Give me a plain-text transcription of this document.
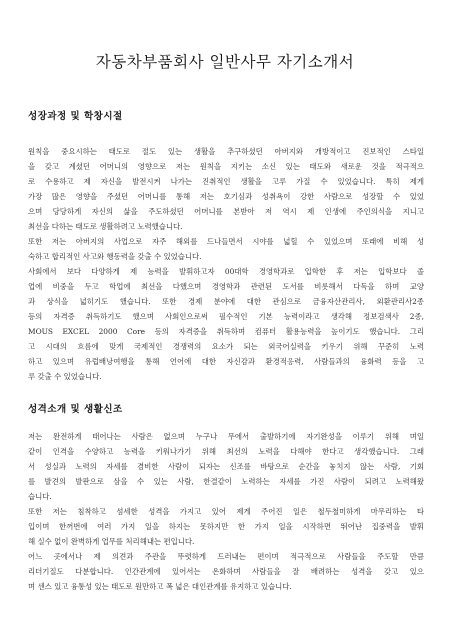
자동차부품회사 일반사무 자기소개서
성장과정 및 학창시절
원칙을 중요시하는 태도로 절도 있는 생활을 추구하셨던 아버지와 개방적이고 진보적인 스타일
을 갖고 계셨던 어머니의 영향으로 저는 원칙을 지키는 소신 있는 태도와 새로운 것을 적극적으
로 수용하고 제 자신을 발전시켜 나가는 진취적인 생활을 고루 가질 수 있었습니다. 특히 제게
가장 많은 영향을 주셨던 어머니를 통해 저는 호기심과 성취욕이 강한 사람으로 성장할 수 있었
으며 당당하게 자신의 삶을 주도하셨던 어머니를 본받아 저 역시 제 인생에 주인의식을 지니고
최선을 다하는 태도로 생활하려고 노력했습니다.
또한 저는 아버지의 사업으로 자주 해외를 드나들면서 시야를 넓힐 수 있었으며 또래에 비해 성
숙하고 합리적인 사고와 행동력을 갖출 수 있었습니다.
사회에서 보다 다양하게 제 능력을 발휘하고자 00대학 경영학과로 입학한 후 저는 입학보다 졸
업에 비중을 두고 학업에 최선을 다했으며 경영학과 관련된 도서를 비롯해서 다독을 하며 교양
과 상식을 넓히기도 했습니다. 또한 경제 분야에 대한 관심으로 금융자산관리사, 외환관리사2종
등의 자격증 취득하기도 했으며 사회인으로써 필수적인 기본 능력이라고 생각해 정보검색사 2종,
MOUS EXCEL 2000 Core 등의 자격증을 취득하며 컴퓨터 활용능력을 높이기도 했습니다. 그리
고 시대의 흐름에 맞게 국제적인 경쟁력의 요소가 되는 외국어실력을 키우기 위해 꾸준히 노력
하고 있으며 유럽배낭여행을 통해 언어에 대한 자신감과 환경적응력, 사람들과의 융화력 등을 고
루 갖출 수 있었습니다.
성격소개 및 생활신조
저는 완전하게 태어나는 사람은 없으며 누구나 무에서 출발하기에 자기완성을 이루기 위해 며일
같이 인격을 수양하고 능력을 키워나가기 위해 최선의 노력을 다해야 한다고 생각했습니다. 그래
서 성실과 노력의 자세를 겸비한 사람이 되자는 신조를 바탕으로 순간을 놓치지 않는 사람, 기회
를 발견의 발판으로 삼을 수 있는 사람, 한결같이 노력하는 자세를 가진 사람이 되려고 노력해왔
습니다.
또한 저는 침착하고 섬세한 성격을 가지고 있어 제게 주어진 일은 철두철미하게 마무리하는 타
입이며 한꺼번에 여러 가지 일을 하지는 못하지만 한 가지 일을 시작하면 뛰어난 집중력을 발휘
해 실수 없이 완벽하게 업무를 처리해내는 편입니다.
어느 곳에서나 제 의견과 주관을 뚜렷하게 드러내는 편이며 적극적으로 사람들을 주도할 만큼
리더기질도 다분합니다. 인간관계에 있어서는 온화하며 사람들을 잘 배려하는 성격을 갖고 있으
며 센스 있고 융통성 있는 태도로 원만하고 폭 넓은 대인관계를 유지하고 있습니다.
